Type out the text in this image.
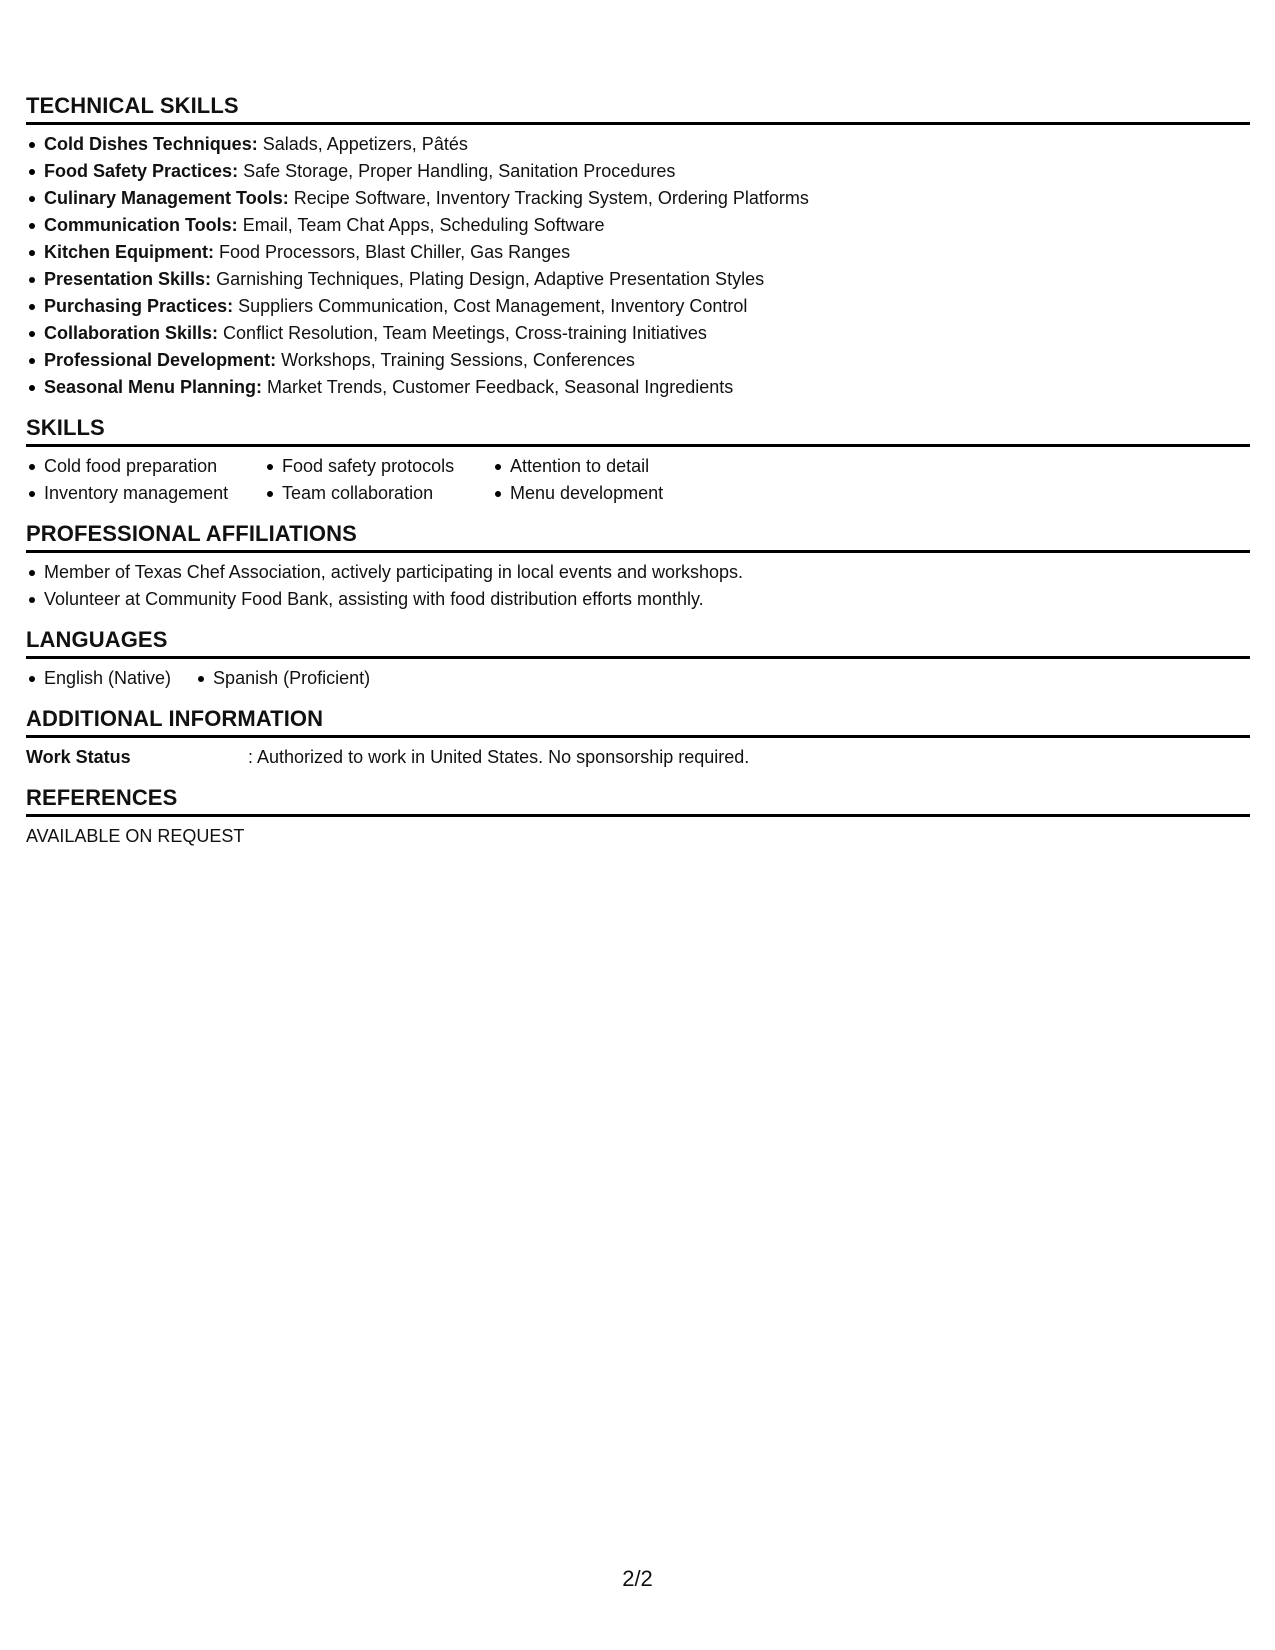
TECHNICAL SKILLS
Cold Dishes Techniques: Salads, Appetizers, Pâtés
Food Safety Practices: Safe Storage, Proper Handling, Sanitation Procedures
Culinary Management Tools: Recipe Software, Inventory Tracking System, Ordering Platforms
Communication Tools: Email, Team Chat Apps, Scheduling Software
Kitchen Equipment: Food Processors, Blast Chiller, Gas Ranges
Presentation Skills: Garnishing Techniques, Plating Design, Adaptive Presentation Styles
Purchasing Practices: Suppliers Communication, Cost Management, Inventory Control
Collaboration Skills: Conflict Resolution, Team Meetings, Cross-training Initiatives
Professional Development: Workshops, Training Sessions, Conferences
Seasonal Menu Planning: Market Trends, Customer Feedback, Seasonal Ingredients
SKILLS
Cold food preparation	Food safety protocols	Attention to detail
Inventory management	Team collaboration	Menu development
PROFESSIONAL AFFILIATIONS
Member of Texas Chef Association, actively participating in local events and workshops.
Volunteer at Community Food Bank, assisting with food distribution efforts monthly.
LANGUAGES
English (Native)	Spanish (Proficient)
ADDITIONAL INFORMATION
Work Status	: Authorized to work in United States. No sponsorship required.
REFERENCES
AVAILABLE ON REQUEST
2/2
